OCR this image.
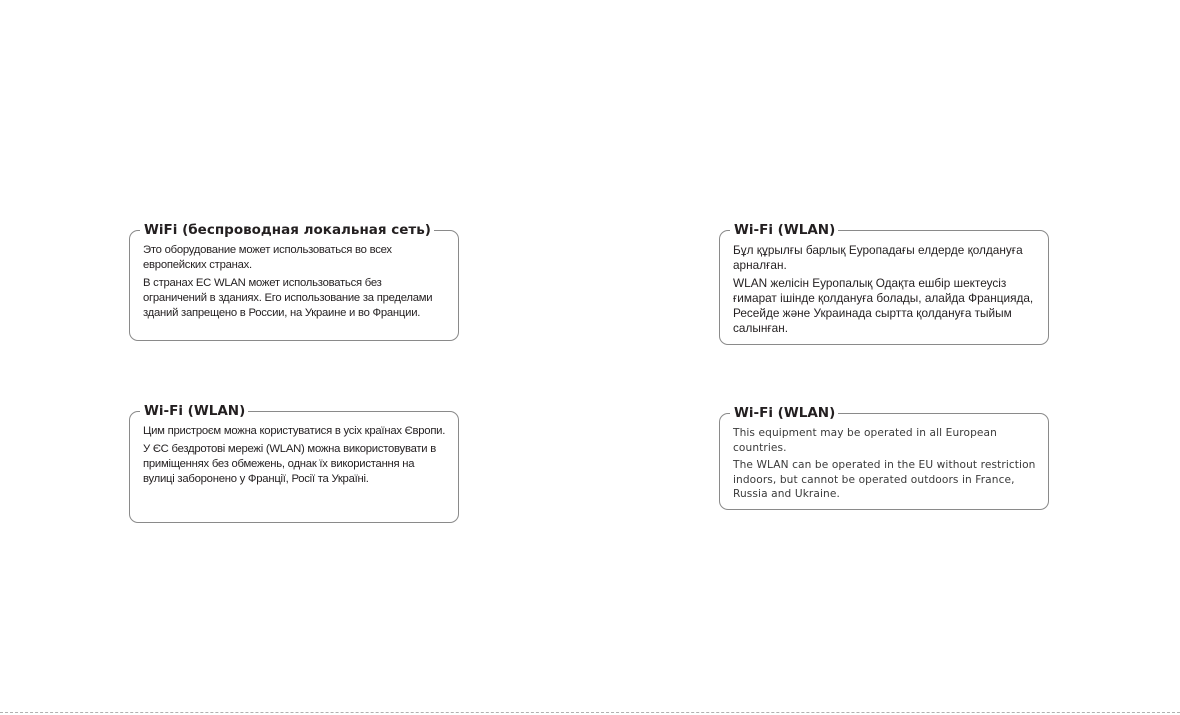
WiFi (беспроводная локальная сеть)

Это оборудование может использоваться во всех европейских странах.

В странах ЕС WLAN может использоваться без ограничений в зданиях. Его использование за пределами зданий запрещено в России, на Украине и во Франции.

Wi-Fi (WLAN)

Бұл құрылғы барлық Еуропадағы елдерде қолдануға арналған.

WLAN желісін Еуропалық Одақта ешбір шектеусіз ғимарат ішінде қолдануға болады, алайда Францияда, Ресейде және Украинада сыртта қолдануға тыйым салынған.

Wi-Fi (WLAN)

Цим пристроєм можна користуватися в усіх країнах Європи.

У ЄС бездротові мережі (WLAN) можна використовувати в приміщеннях без обмежень, однак їх використання на вулиці заборонено у Франції, Росії та Україні.

Wi-Fi (WLAN)

This equipment may be operated in all European countries.

The WLAN can be operated in the EU without restriction indoors, but cannot be operated outdoors in France, Russia and Ukraine.
